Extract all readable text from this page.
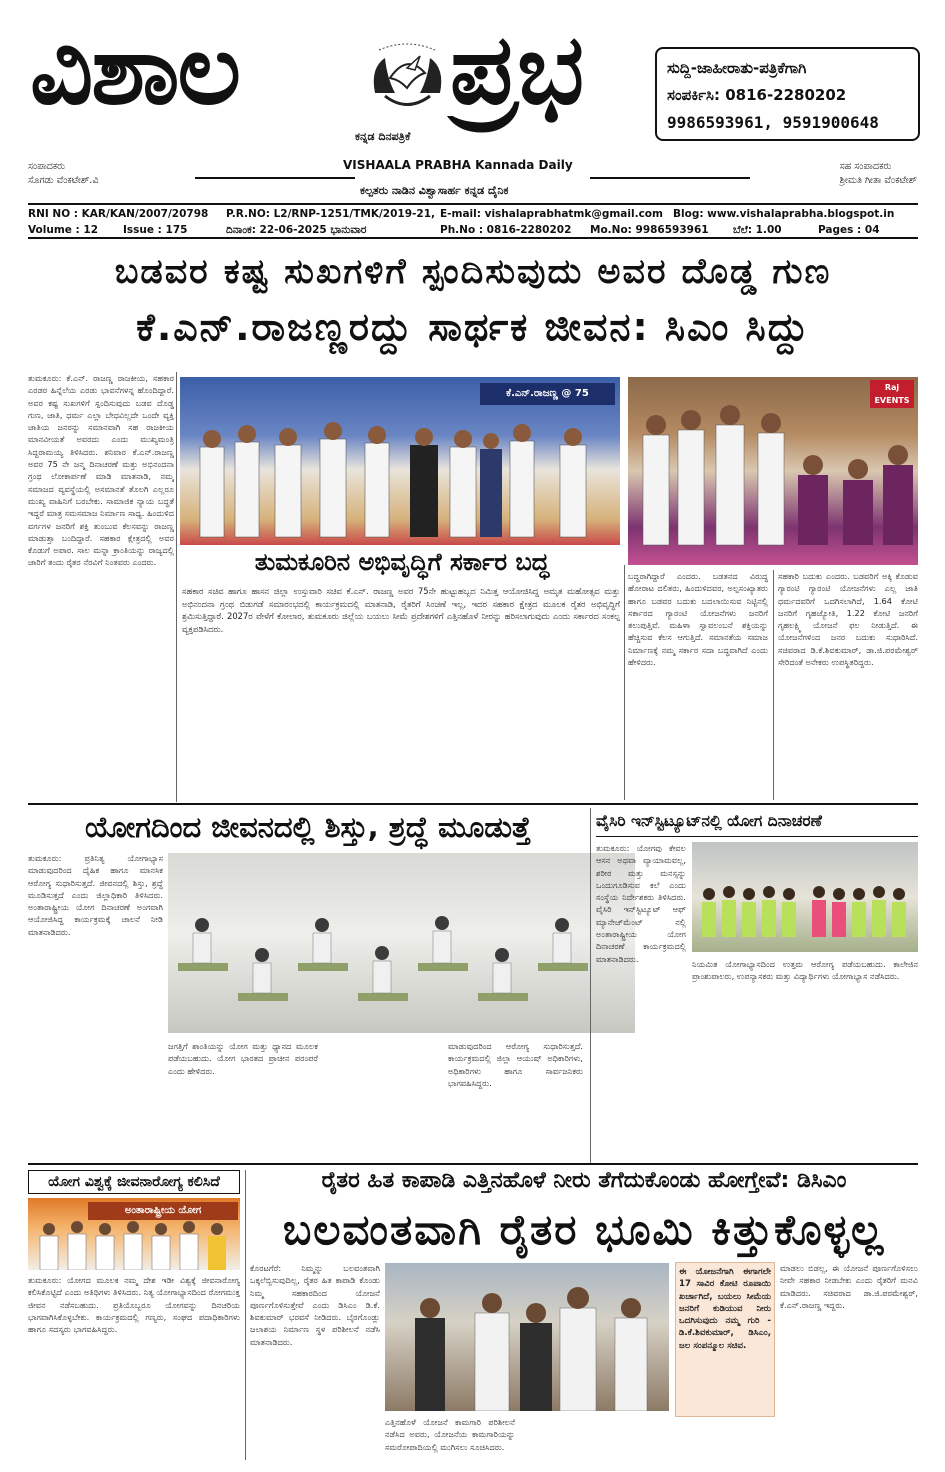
ವಿಶಾಲ ಪ್ರಭ
ಕನ್ನಡ ದಿನಪತ್ರಿಕೆ
ಸುದ್ದಿ-ಜಾಹೀರಾತು-ಪತ್ರಿಕೆಗಾಗಿ
ಸಂಪರ್ಕಿಸಿ: 0816-2280202
9986593961, 9591900648
ಸಂಪಾದಕರು
ಸೊಗಡು ವೆಂಕಟೇಶ್.ವಿ
VISHAALA PRABHA Kannada Daily
ಕಲ್ಪತರು ನಾಡಿನ ವಿಶ್ವಾಸಾರ್ಹ ಕನ್ನಡ ದೈನಿಕ
ಸಹ ಸಂಪಾದಕರು
ಶ್ರೀಮತಿ ಗೀತಾ ವೆಂಕಟೇಶ್
RNI NO : KAR/KAN/2007/20798 P.R.NO: L2/RNP-1251/TMK/2019-21, E-mail: vishalaprabhatmk@gmail.com Blog: www.vishalaprabha.blogspot.in
Volume : 12 Issue : 175	ದಿನಾಂಕ: 22-06-2025 ಭಾನುವಾರ	Ph.No : 0816-2280202 Mo.No: 9986593961 ಬೆಲೆ: 1.00	Pages : 04
ಬಡವರ ಕಷ್ಟ ಸುಖಗಳಿಗೆ ಸ್ಪಂದಿಸುವುದು ಅವರ ದೊಡ್ಡ ಗುಣ
ಕೆ.ಎನ್.ರಾಜಣ್ಣರದ್ದು ಸಾರ್ಥಕ ಜೀವನ: ಸಿಎಂ ಸಿದ್ದು
ತುಮಕೂರು: ಕೆ.ಎನ್. ರಾಜಣ್ಣ ರಾಜಕೀಯ, ಸಹಕಾರ ಎರಡರ ಹಿನ್ನೆಲೆಯ ಎರಡು ಭಾವನೆಗಳನ್ನ ಹೊಂದಿದ್ದಾರೆ. ಅವರ ಕಷ್ಟ ಸುಖಗಳಿಗೆ ಸ್ಪಂದಿಸುವುದು ಬಡವ ದೊಡ್ಡ ಗುಣ, ಜಾತಿ, ಧರ್ಮ ಎಲ್ಲಾ ಬೇಧವಿಲ್ಲದೇ ಒಂದೇ ವ್ಯಕ್ತಿ ಜಾತಿಯ ಜನರನ್ನು ಸಮಾನವಾಗಿ ಸಹ ರಾಜಕೀಯ ಮಾನವೀಯತೆ ಅವರದು ಎಂದು ಮುಖ್ಯಮಂತ್ರಿ ಸಿದ್ದರಾಮಯ್ಯ ತಿಳಿಸಿದರು. ಶನಿವಾರ ಕೆ.ಎನ್.ರಾಜಣ್ಣ ಅವರ 75 ನೇ ಜನ್ಮ ದಿನಾಚರಣೆ ಮತ್ತು ಅಭಿನಂದನಾ ಗ್ರಂಥ ಲೋಕಾರ್ಪಣೆ ಮಾಡಿ ಮಾತನಾಡಿ, ನಮ್ಮ ಸಮಾಜದ ವ್ಯವಸ್ಥೆಯಲ್ಲಿ ಅಸಮಾನತೆ ತೊಲಗಿ ಎಲ್ಲರೂ ಮುಖ್ಯ ವಾಹಿನಿಗೆ ಬರಬೇಕು. ಸಾಮಾಜಿಕ ನ್ಯಾಯ ಬದ್ಧತೆ ಇದ್ದರೆ ಮಾತ್ರ ಸಮಸಮಾಜ ನಿರ್ಮಾಣ ಸಾಧ್ಯ. ಹಿಂದುಳಿದ ವರ್ಗಗಳ ಜನರಿಗೆ ಶಕ್ತಿ ತುಂಬುವ ಕೆಲಸವನ್ನು ರಾಜಣ್ಣ ಮಾಡುತ್ತಾ ಬಂದಿದ್ದಾರೆ. ಸಹಕಾರ ಕ್ಷೇತ್ರದಲ್ಲಿ ಅವರ ಕೊಡುಗೆ ಅಪಾರ. ಸಾಲ ಮನ್ನಾ ಕ್ರಾಂತಿಯನ್ನು ರಾಜ್ಯದಲ್ಲಿ ಜಾರಿಗೆ ತಂದು ರೈತರ ನೆರವಿಗೆ ನಿಂತವರು ಎಂದರು.
ಕೆ.ಎನ್.ರಾಜಣ್ಣ @ 75
Raj EVENTS
ತುಮಕೂರಿನ ಅಭಿವೃದ್ಧಿಗೆ ಸರ್ಕಾರ ಬದ್ಧ
ಸಹಕಾರ ಸಚಿವ ಹಾಗೂ ಹಾಸನ ಜಿಲ್ಲಾ ಉಸ್ತುವಾರಿ ಸಚಿವ ಕೆ.ಎನ್. ರಾಜಣ್ಣ ಅವರ 75ನೇ ಹುಟ್ಟುಹಬ್ಬದ ನಿಮಿತ್ತ ಆಯೋಜಿಸಿದ್ದ ಅಮೃತ ಮಹೋತ್ಸವ ಮತ್ತು ಅಭಿನಂದನಾ ಗ್ರಂಥ ಬಿಡುಗಡೆ ಸಮಾರಂಭದಲ್ಲಿ ಕಾರ್ಯಕ್ರಮದಲ್ಲಿ ಮಾತನಾಡಿ, ರೈತರಿಗೆ ಸಿಂಚಣೆ ಇಲ್ಲ, ಇದರ ಸಹಕಾರ ಕ್ಷೇತ್ರದ ಮೂಲಕ ರೈತರ ಅಭಿವೃದ್ಧಿಗೆ ಶ್ರಮಿಸುತ್ತಿದ್ದಾರೆ. 2027ರ ವೇಳೆಗೆ ಕೋಲಾರ, ತುಮಕೂರು ಜಿಲ್ಲೆಯ ಬಯಲು ಸೀಮೆ ಪ್ರದೇಶಗಳಿಗೆ ಎತ್ತಿನಹೊಳೆ ನೀರನ್ನು ಹರಿಸಲಾಗುವುದು ಎಂದು ಸರ್ಕಾರದ ಸಂಕಲ್ಪ ವ್ಯಕ್ತಪಡಿಸಿದರು.
ಬದ್ಧರಾಗಿದ್ದಾರೆ ಎಂದರು. ಬಡತನದ ವಿರುದ್ಧ ಹೋರಾಟ ದಲಿತರು, ಹಿಂದುಳಿದವರ, ಅಲ್ಪಸಂಖ್ಯಾತರು ಹಾಗೂ ಬಡವರ ಬದುಕು ಬದಲಾಯಿಸುವ ನಿಟ್ಟಿನಲ್ಲಿ ಸರ್ಕಾರದ ಗ್ಯಾರಂಟಿ ಯೋಜನೆಗಳು ಜನರಿಗೆ ತಲುಪುತ್ತಿವೆ. ಮಹಿಳಾ ಸ್ವಾವಲಂಬನೆ ಶಕ್ತಿಯನ್ನು ಹೆಚ್ಚಿಸುವ ಕೆಲಸ ಆಗುತ್ತಿದೆ. ಸಮಾನತೆಯ ಸಮಾಜ ನಿರ್ಮಾಣಕ್ಕೆ ನಮ್ಮ ಸರ್ಕಾರ ಸದಾ ಬದ್ಧವಾಗಿದೆ ಎಂದು ಹೇಳಿದರು.
ಸಹಕಾರಿ ಬದುಕು ಎಂದರು. ಬಡವರಿಗೆ ಅಕ್ಕಿ ಕೊಡುವ ಗ್ಯಾರಂಟಿ ಗ್ಯಾರಂಟಿ ಯೋಜನೆಗಳು ಎಲ್ಲ ಜಾತಿ ಧರ್ಮದವರಿಗೆ ಒದಗಿಸಲಾಗಿದೆ, 1.64 ಕೋಟಿ ಜನರಿಗೆ ಗೃಹಜ್ಯೋತಿ, 1.22 ಕೋಟಿ ಜನರಿಗೆ ಗೃಹಲಕ್ಷ್ಮಿ ಯೋಜನೆ ಫಲ ನೀಡುತ್ತಿದೆ. ಈ ಯೋಜನೆಗಳಿಂದ ಜನರ ಬದುಕು ಸುಧಾರಿಸಿದೆ. ಸಚಿವರಾದ ಡಿ.ಕೆ.ಶಿವಕುಮಾರ್, ಡಾ.ಜಿ.ಪರಮೇಶ್ವರ್ ಸೇರಿದಂತೆ ಅನೇಕರು ಉಪಸ್ಥಿತರಿದ್ದರು.
ಯೋಗದಿಂದ ಜೀವನದಲ್ಲಿ ಶಿಸ್ತು, ಶ್ರದ್ಧೆ ಮೂಡುತ್ತೆ
ತುಮಕೂರು: ಪ್ರತಿನಿತ್ಯ ಯೋಗಾಭ್ಯಾಸ ಮಾಡುವುದರಿಂದ ದೈಹಿಕ ಹಾಗೂ ಮಾನಸಿಕ ಆರೋಗ್ಯ ಸುಧಾರಿಸುತ್ತದೆ. ಜೀವನದಲ್ಲಿ ಶಿಸ್ತು, ಶ್ರದ್ಧೆ ಮೂಡಿಸುತ್ತದೆ ಎಂದು ಜಿಲ್ಲಾಧಿಕಾರಿ ತಿಳಿಸಿದರು. ಅಂತಾರಾಷ್ಟ್ರೀಯ ಯೋಗ ದಿನಾಚರಣೆ ಅಂಗವಾಗಿ ಆಯೋಜಿಸಿದ್ದ ಕಾರ್ಯಕ್ರಮಕ್ಕೆ ಚಾಲನೆ ನೀಡಿ ಮಾತನಾಡಿದರು.
ಜಗತ್ತಿಗೆ ಶಾಂತಿಯನ್ನು ಯೋಗ ಮತ್ತು ಧ್ಯಾನದ ಮೂಲಕ ಪಡೆಯಬಹುದು. ಯೋಗ ಭಾರತದ ಪ್ರಾಚೀನ ಪರಂಪರೆ ಎಂದು ಹೇಳಿದರು.
ಮಾಡುವುದರಿಂದ ಆರೋಗ್ಯ ಸುಧಾರಿಸುತ್ತದೆ. ಕಾರ್ಯಕ್ರಮದಲ್ಲಿ ಜಿಲ್ಲಾ ಆಯುಷ್ ಅಧಿಕಾರಿಗಳು, ಅಧಿಕಾರಿಗಳು ಹಾಗೂ ಸಾರ್ವಜನಿಕರು ಭಾಗವಹಿಸಿದ್ದರು.
ವೈಸಿರಿ ಇನ್‌ಸ್ಟಿಟ್ಯೂಟ್‌ನಲ್ಲಿ ಯೋಗ ದಿನಾಚರಣೆ
ತುಮಕೂರು: ಯೋಗವು ಕೇವಲ ಆಸನ ಅಥವಾ ವ್ಯಾಯಾಮವಲ್ಲ, ಶರೀರ ಮತ್ತು ಮನಸ್ಸನ್ನು ಒಂದುಗೂಡಿಸುವ ಕಲೆ ಎಂದು ಸಂಸ್ಥೆಯ ನಿರ್ದೇಶಕರು ತಿಳಿಸಿದರು. ವೈಸಿರಿ ಇನ್‌ಸ್ಟಿಟ್ಯೂಟ್ ಆಫ್ ಮ್ಯಾನೇಜ್‌ಮೆಂಟ್ ನಲ್ಲಿ ಅಂತಾರಾಷ್ಟ್ರೀಯ ಯೋಗ ದಿನಾಚರಣೆ ಕಾರ್ಯಕ್ರಮದಲ್ಲಿ ಮಾತನಾಡಿದರು.
ನಿಯಮಿತ ಯೋಗಾಭ್ಯಾಸದಿಂದ ಉತ್ತಮ ಆರೋಗ್ಯ ಪಡೆಯಬಹುದು. ಕಾಲೇಜಿನ ಪ್ರಾಂಶುಪಾಲರು, ಉಪನ್ಯಾಸಕರು ಮತ್ತು ವಿದ್ಯಾರ್ಥಿಗಳು ಯೋಗಾಭ್ಯಾಸ ನಡೆಸಿದರು.
ಯೋಗ ವಿಶ್ವಕ್ಕೆ ಜೀವನಾರೋಗ್ಯ ಕಲಿಸಿದೆ
ಅಂತಾರಾಷ್ಟ್ರೀಯ ಯೋಗ
ತುಮಕೂರು: ಯೋಗದ ಮೂಲಕ ನಮ್ಮ ದೇಶ ಇಡೀ ವಿಶ್ವಕ್ಕೆ ಜೀವನಾರೋಗ್ಯ ಕಲಿಸಿಕೊಟ್ಟಿದೆ ಎಂದು ಅತಿಥಿಗಳು ತಿಳಿಸಿದರು. ನಿತ್ಯ ಯೋಗಾಭ್ಯಾಸದಿಂದ ರೋಗಮುಕ್ತ ಜೀವನ ನಡೆಸಬಹುದು. ಪ್ರತಿಯೊಬ್ಬರೂ ಯೋಗವನ್ನು ದಿನಚರಿಯ ಭಾಗವಾಗಿಸಿಕೊಳ್ಳಬೇಕು. ಕಾರ್ಯಕ್ರಮದಲ್ಲಿ ಗಣ್ಯರು, ಸಂಘದ ಪದಾಧಿಕಾರಿಗಳು ಹಾಗೂ ಸದಸ್ಯರು ಭಾಗವಹಿಸಿದ್ದರು.
ರೈತರ ಹಿತ ಕಾಪಾಡಿ ಎತ್ತಿನಹೊಳೆ ನೀರು ತೆಗೆದುಕೊಂಡು ಹೋಗ್ತೇವೆ: ಡಿಸಿಎಂ
ಬಲವಂತವಾಗಿ ರೈತರ ಭೂಮಿ ಕಿತ್ತುಕೊಳ್ಳಲ್ಲ
ಕೊರಟಗೆರೆ: ನಿಮ್ಮನ್ನು ಬಲವಂತವಾಗಿ ಒಕ್ಕಲೆಬ್ಬಿಸುವುದಿಲ್ಲ, ರೈತರ ಹಿತ ಕಾಪಾಡಿ ಕೊಂಡು ನಿಮ್ಮ ಸಹಕಾರದಿಂದ ಯೋಜನೆ ಪೂರ್ಣಗೊಳಿಸುತ್ತೇವೆ ಎಂದು ಡಿಸಿಎಂ ಡಿ.ಕೆ. ಶಿವಕುಮಾರ್ ಭರವಸೆ ನೀಡಿದರು. ಬೈರಗೊಂಡ್ಲು ಜಲಾಶಯ ನಿರ್ಮಾಣ ಸ್ಥಳ ಪರಿಶೀಲನೆ ನಡೆಸಿ ಮಾತನಾಡಿದರು.
ಎತ್ತಿನಹೊಳೆ ಯೋಜನೆ ಕಾಮಗಾರಿ ಪರಿಶೀಲನೆ ನಡೆಸಿದ ಅವರು, ಯೋಜನೆಯ ಕಾಮಗಾರಿಯನ್ನು ಸಮರೋಪಾದಿಯಲ್ಲಿ ಮುಗಿಸಲು ಸೂಚಿಸಿದರು.
ಈ ಯೋಜನೆಗಾಗಿ ಈಗಾಗಲೇ 17 ಸಾವಿರ ಕೋಟಿ ರೂಪಾಯಿ ಖರ್ಚಾಗಿದೆ, ಬಯಲು ಸೀಮೆಯ ಜನರಿಗೆ ಕುಡಿಯುವ ನೀರು ಒದಗಿಸುವುದು ನಮ್ಮ ಗುರಿ - ಡಿ.ಕೆ.ಶಿವಕುಮಾರ್, ಡಿಸಿಎಂ, ಜಲ ಸಂಪನ್ಮೂಲ ಸಚಿವ.
ಮಾಡಲು ಬಿಡಲ್ಲ, ಈ ಯೋಜನೆ ಪೂರ್ಣಗೊಳಿಸಲು ನೀವೇ ಸಹಕಾರ ನೀಡಬೇಕು ಎಂದು ರೈತರಿಗೆ ಮನವಿ ಮಾಡಿದರು. ಸಚಿವರಾದ ಡಾ.ಜಿ.ಪರಮೇಶ್ವರ್, ಕೆ.ಎನ್.ರಾಜಣ್ಣ ಇದ್ದರು.
